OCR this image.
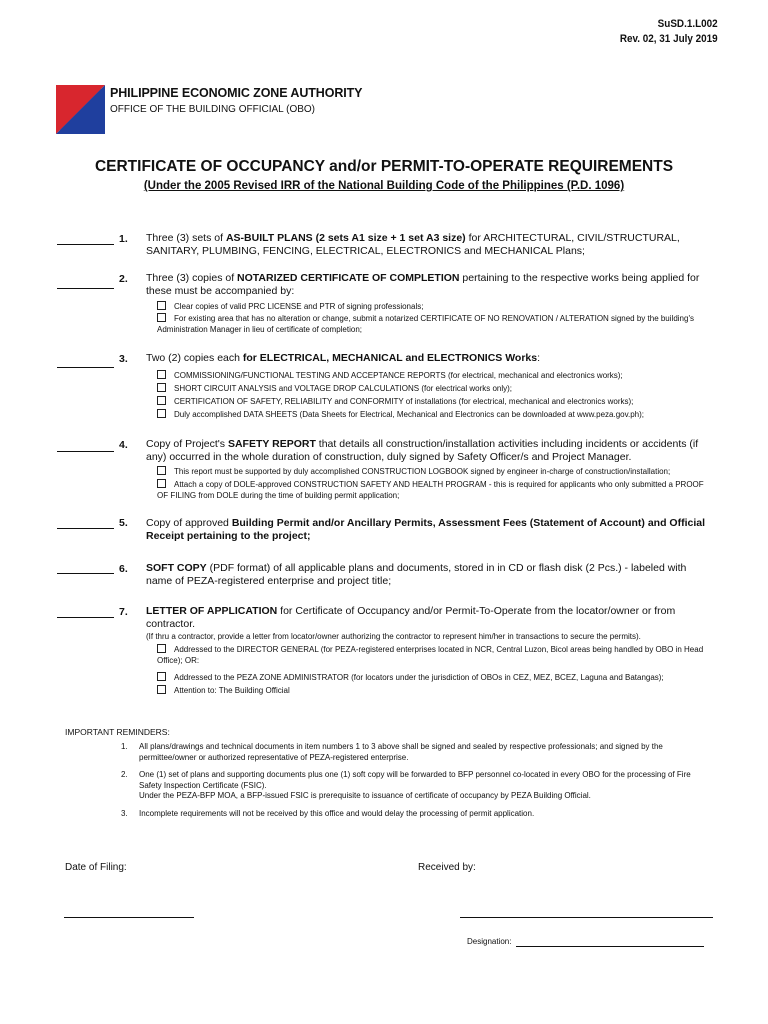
SuSD.1.L002
Rev. 02, 31 July 2019
PHILIPPINE ECONOMIC ZONE AUTHORITY
OFFICE OF THE BUILDING OFFICIAL (OBO)
CERTIFICATE OF OCCUPANCY and/or PERMIT-TO-OPERATE REQUIREMENTS
(Under the 2005 Revised IRR of the National Building Code of the Philippines (P.D. 1096)
1. Three (3) sets of AS-BUILT PLANS (2 sets A1 size + 1 set A3 size) for ARCHITECTURAL, CIVIL/STRUCTURAL, SANITARY, PLUMBING, FENCING, ELECTRICAL, ELECTRONICS and MECHANICAL Plans;
2. Three (3) copies of NOTARIZED CERTIFICATE OF COMPLETION pertaining to the respective works being applied for these must be accompanied by:
Clear copies of valid PRC LICENSE and PTR of signing professionals;
For existing area that has no alteration or change, submit a notarized CERTIFICATE OF NO RENOVATION / ALTERATION signed by the building's Administration Manager in lieu of certificate of completion;
3. Two (2) copies each for ELECTRICAL, MECHANICAL and ELECTRONICS Works:
COMMISSIONING/FUNCTIONAL TESTING AND ACCEPTANCE REPORTS (for electrical, mechanical and electronics works);
SHORT CIRCUIT ANALYSIS and VOLTAGE DROP CALCULATIONS (for electrical works only);
CERTIFICATION OF SAFETY, RELIABILITY and CONFORMITY of installations (for electrical, mechanical and electronics works);
Duly accomplished DATA SHEETS (Data Sheets for Electrical, Mechanical and Electronics can be downloaded at www.peza.gov.ph);
4. Copy of Project's SAFETY REPORT that details all construction/installation activities including incidents or accidents (if any) occurred in the whole duration of construction, duly signed by Safety Officer/s and Project Manager.
This report must be supported by duly accomplished CONSTRUCTION LOGBOOK signed by engineer in-charge of construction/installation;
Attach a copy of DOLE-approved CONSTRUCTION SAFETY AND HEALTH PROGRAM - this is required for applicants who only submitted a PROOF OF FILING from DOLE during the time of building permit application;
5. Copy of approved Building Permit and/or Ancillary Permits, Assessment Fees (Statement of Account) and Official Receipt pertaining to the project;
6. SOFT COPY (PDF format) of all applicable plans and documents, stored in in CD or flash disk (2 Pcs.) - labeled with name of PEZA-registered enterprise and project title;
7. LETTER OF APPLICATION for Certificate of Occupancy and/or Permit-To-Operate from the locator/owner or from contractor.
(If thru a contractor, provide a letter from locator/owner authorizing the contractor to represent him/her in transactions to secure the permits).
Addressed to the DIRECTOR GENERAL (for PEZA-registered enterprises located in NCR, Central Luzon, Bicol areas being handled by OBO in Head Office); OR:
Addressed to the PEZA ZONE ADMINISTRATOR (for locators under the jurisdiction of OBOs in CEZ, MEZ, BCEZ, Laguna and Batangas);
Attention to: The Building Official
IMPORTANT REMINDERS:
1. All plans/drawings and technical documents in item numbers 1 to 3 above shall be signed and sealed by respective professionals; and signed by the permittee/owner or authorized representative of PEZA-registered enterprise.
2. One (1) set of plans and supporting documents plus one (1) soft copy will be forwarded to BFP personnel co-located in every OBO for the processing of Fire Safety Inspection Certificate (FSIC).
Under the PEZA-BFP MOA, a BFP-issued FSIC is prerequisite to issuance of certificate of occupancy by PEZA Building Official.
3. Incomplete requirements will not be received by this office and would delay the processing of permit application.
Date of Filing:	Received by:
Designation:
